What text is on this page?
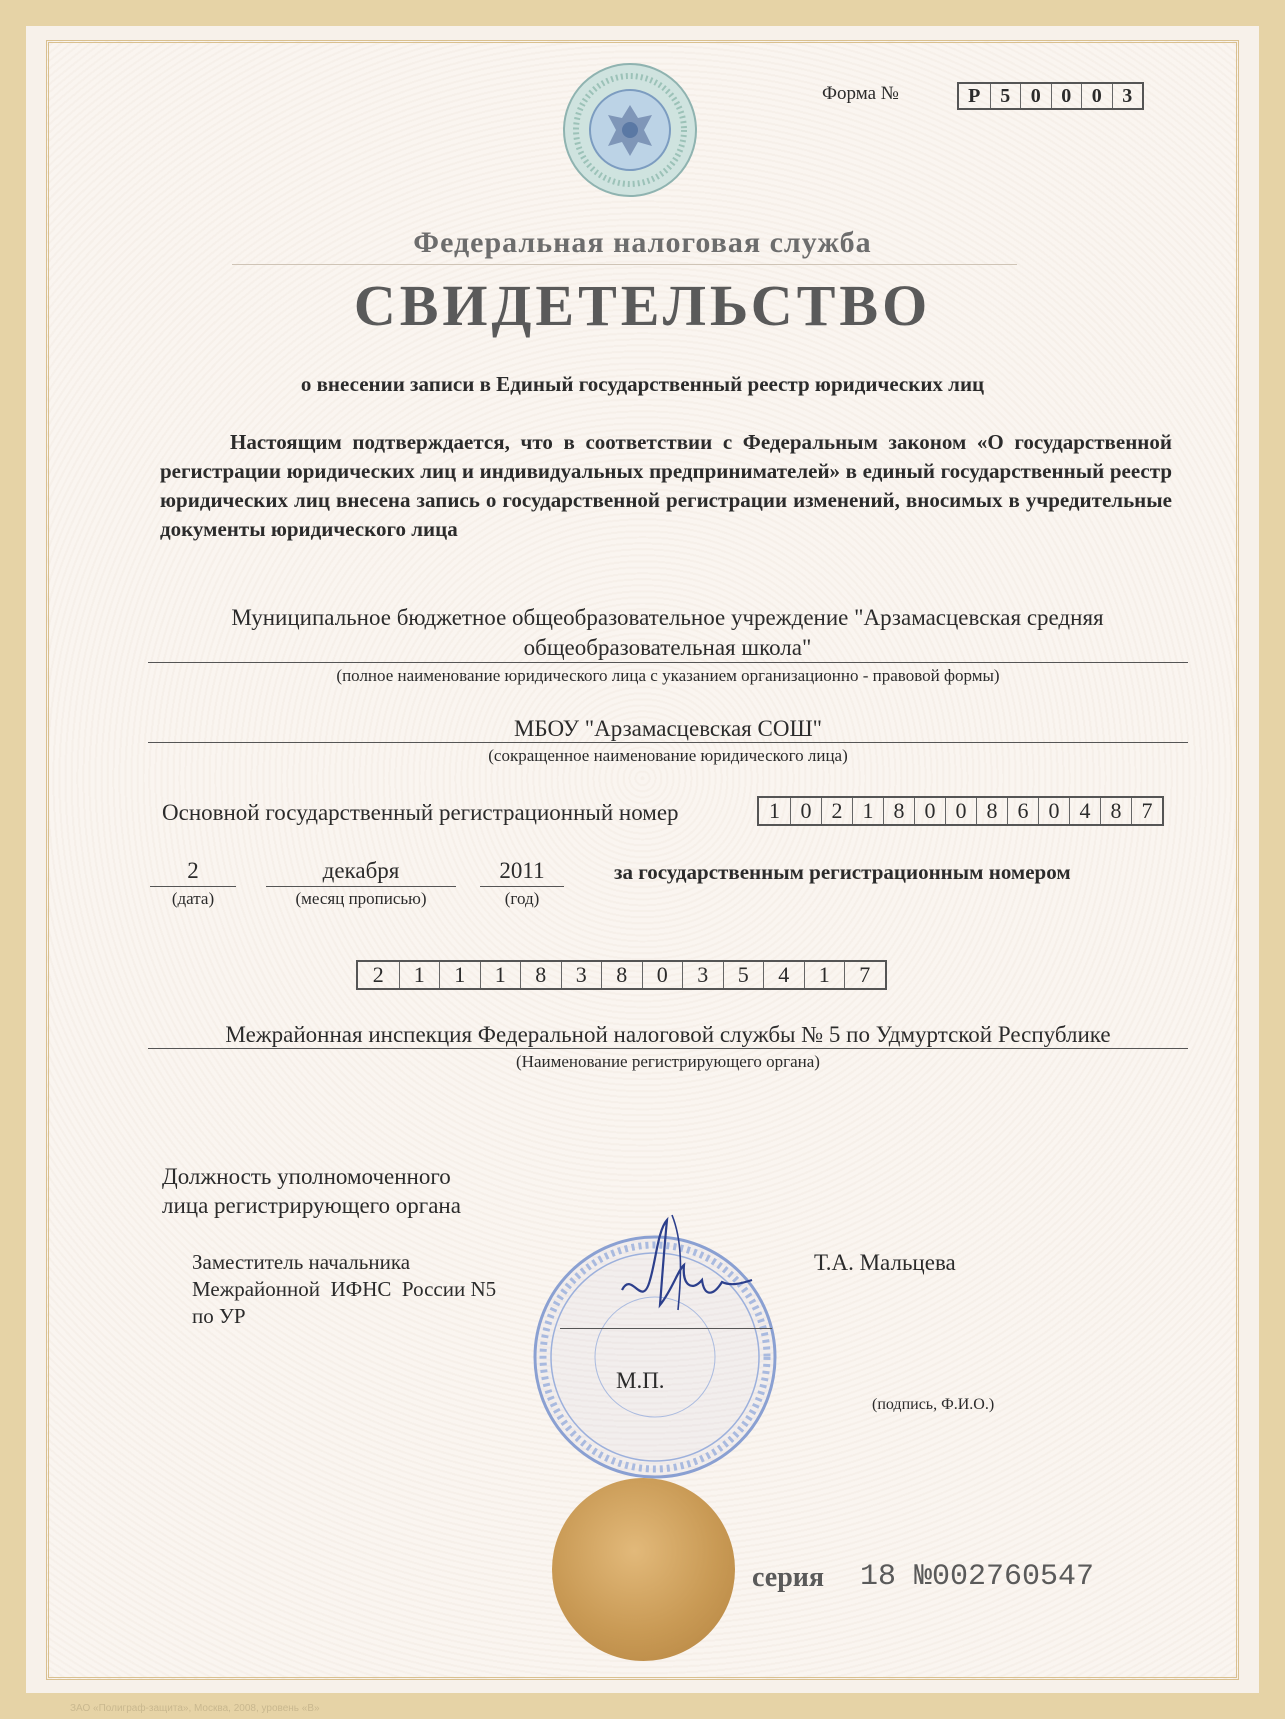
Форма №	Р 5	0	0	0	3
Федеральная налоговая служба
СВИДЕТЕЛЬСТВО
о внесении записи в Единый государственный реестр юридических лиц
Настоящим подтверждается, что в соответствии с Федеральным законом «О государственной регистрации юридических лиц и индивидуальных предпринимателей» в единый государственный реестр юридических лиц внесена запись о государственной регистрации изменений, вносимых в учредительные документы юридического лица
Муниципальное бюджетное общеобразовательное учреждение "Арзамасцевская средняя общеобразовательная школа"
(полное наименование юридического лица с указанием организационно - правовой формы)
МБОУ "Арзамасцевская СОШ"
(сокращенное наименование юридического лица)
Основной государственный регистрационный номер	1 0 2 1 8 0 0 8 6 0 4 8 7
2
(дата)
декабря
(месяц прописью)
2011
(год)
за государственным регистрационным номером
2	1	1	1	8	3	8	0	3	5	4	1	7
Межрайонная инспекция Федеральной налоговой службы № 5 по Удмуртской Республике
(Наименование регистрирующего органа)
Должность уполномоченного
лица регистрирующего органа
Заместитель начальника
Межрайонной  ИФНС  России N5
по УР
М.П.
Т.А. Мальцева
(подпись, Ф.И.О.)
серия 18 №002760547
ЗАО «Полиграф-защита», Москва, 2008, уровень «В»
